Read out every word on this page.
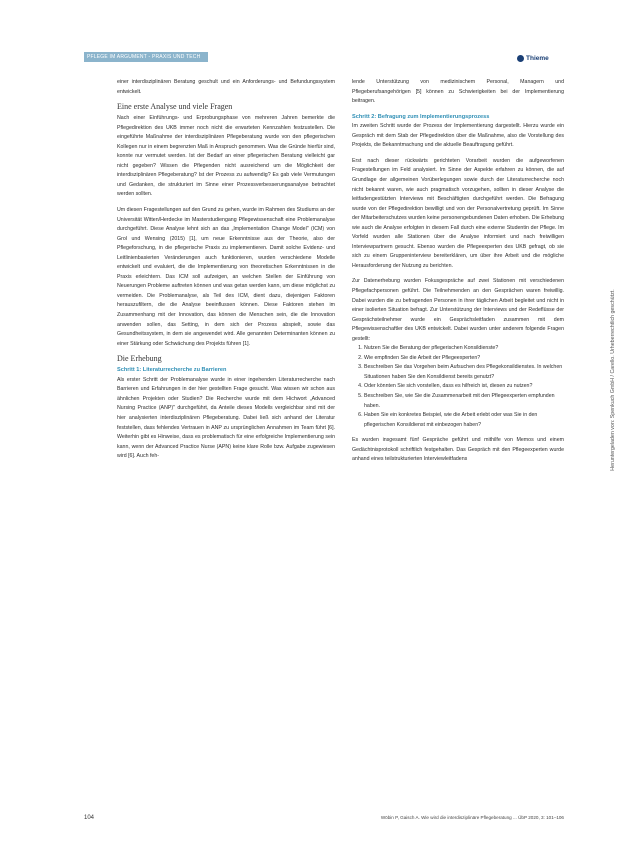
PFLEGE IM ARGUMENT - PRAXIS UND TECH	Thieme

einer interdisziplinären Beratung geschult und ein Anforderungs- und Befundungssystem entwickelt.

Eine erste Analyse und viele Fragen

Nach einer Einführungs- und Erprobungsphase von mehreren Jahren bemerkte die Pflegedirektion des UKB immer noch nicht die erwarteten Kennzahlen festzustellen. Die eingeführte Maßnahme der interdisziplinären Pflegeberatung wurde von den pflegerischen Kollegen nur in einem begrenzten Maß in Anspruch genommen. Was die Gründe hierfür sind, konnte nur vermutet werden. Ist der Bedarf an einer pflegerischen Beratung vielleicht gar nicht gegeben? Wissen die Pflegenden nicht ausreichend um die Möglichkeit der interdisziplinären Pflegeberatung? Ist der Prozess zu aufwendig? Es gab viele Vermutungen und Gedanken, die strukturiert im Sinne einer Prozessverbesserungsanalyse betrachtet werden sollten.

Um diesen Fragestellungen auf den Grund zu gehen, wurde im Rahmen des Studiums an der Universität Witten/Herdecke im Masterstudiengang Pflegewissenschaft eine Problemanalyse durchgeführt. Diese Analyse lehnt sich an das „Implementation Change Model" (ICM) von Grol und Wensing (2015) [1], um neue Erkenntnisse aus der Theorie, also der Pflegeforschung, in die pflegerische Praxis zu implementieren. Damit solche Evidenz- und Leitlinienbasierten Veränderungen auch funktionieren, wurden verschiedene Modelle entwickelt und evaluiert, die die Implementierung von theoretischen Erkenntnissen in die Praxis erleichtern. Das ICM soll aufzeigen, an welchen Stellen der Einführung von Neuerungen Probleme auftreten können und was getan werden kann, um diese möglichst zu vermeiden. Die Problemanalyse, als Teil des ICM, dient dazu, diejenigen Faktoren herauszufiltern, die die Analyse beeinflussen können. Diese Faktoren stehen im Zusammenhang mit der Innovation, das können die Menschen sein, die die Innovation anwenden sollen, das Setting, in dem sich der Prozess abspielt, sowie das Gesundheitssystem, in dem sie angewendet wird. Alle genannten Determinanten können zu einer Stärkung oder Schwächung des Projekts führen [1].

Die Erhebung

Schritt 1: Literaturrecherche zu Barrieren

Als erster Schritt der Problemanalyse wurde in einer ingehenden Literaturrecherche nach Barrieren und Erfahrungen in der hier gestellten Frage gesucht. Was wissen wir schon aus ähnlichen Projekten oder Studien? Die Recherche wurde mit dem Hichwort „Advanced Nursing Practice (ANP)" durchgeführt, da Anteile dieses Modells vergleichbar sind mit der hier analysierten interdisziplinären Pflegeberatung. Dabei ließ sich anhand der Literatur feststellen, dass fehlendes Vertrauen in ANP zu ursprünglichen Annahmen im Team führt [6]. Weiterhin gibt es Hinweise, dass es problematisch für eine erfolgreiche Implementierung sein kann, wenn der Advanced Practice Nurse (APN) keine klare Rolle bzw. Aufgabe zugewiesen wird [6]. Auch feh-

lende Unterstützung von medizinischem Personal, Managern und Pflegeberufsangehörigen [5] können zu Schwierigkeiten bei der Implementierung beitragen.

Schritt 2: Befragung zum Implementierungsprozess

Im zweiten Schritt wurde der Prozess der Implementierung dargestellt. Hierzu wurde ein Gespräch mit dem Stab der Pflegedirektion über die Maßnahme, also die Vorstellung des Projekts, die Bekanntmachung und die aktuelle Beauftragung geführt.

Erst nach dieser rückwärts gerichteten Vorarbeit wurden die aufgeworfenen Fragestellungen im Feld analysiert. Im Sinne der Aspekte erfahren zu können, die auf Grundlage der allgemeinen Vorüberlegungen sowie durch der Literaturrecherche noch nicht bekannt waren, wie auch pragmatisch vorzugehen, sollten in dieser Analyse die leitfadengestützten Interviews mit Beschäftigten durchgeführt werden. Die Befragung wurde von der Pflegedirektion bewilligt und von der Personalvertretung geprüft. Im Sinne der Mitarbeiterschutzes wurden keine personengebundenen Daten erhoben. Die Erhebung wie auch die Analyse erfolgten in diesem Fall durch eine externe Studentin der Pflege. Im Vorfeld wurden alle Stationen über die Analyse informiert und nach freiwilligen Interviewpartnern gesucht. Ebenso wurden die Pflegeexperten des UKB gefragt, ob sie sich zu einem Gruppeninterview bereiterklären, um über ihre Arbeit und die mögliche Herausforderung der Nutzung zu berichten.

Zur Datenerhebung wurden Fokusgespräche auf zwei Stationen mit verschiedenen Pflegefachpersonen geführt. Die Teilnehmenden an den Gesprächen waren freiwillig. Dabei wurden die zu befragenden Personen in ihrer täglichen Arbeit begleitet und nicht in einer isolierten Situation befragt. Zur Unterstützung der Interviews und der Redeflüsse der Gesprächsteilnehmer wurde ein Gesprächsleitfaden zusammen mit dem Pflegewissenschaftler des UKB entwickelt. Dabei wurden unter anderem folgende Fragen gestellt:

1. Nutzen Sie die Beratung der pflegerischen Konsildienste?
2. Wie empfinden Sie die Arbeit der Pflegeexperten?
3. Beschreiben Sie das Vorgehen beim Aufsuchen des Pflegekonsildienstes. In welchen Situationen haben Sie den Konsildienst bereits genutzt?
4. Oder könnten Sie sich vorstellen, dass es hilfreich ist, diesen zu nutzen?
5. Beschreiben Sie, wie Sie die Zusammenarbeit mit den Pflegeexperten empfunden haben.
6. Haben Sie ein konkretes Beispiel, wie die Arbeit erlebt oder was Sie in den pflegerischen Konsildienst mit einbezogen haben?

Es wurden insgesamt fünf Gespräche geführt und mithilfe von Memos und einem Gedächtnisprotokoll schriftlich festgehalten. Das Gespräch mit den Pflegeexperten wurde anhand eines teilstrukturierten Interviewleitfadens	Heruntergeladen von: Spenkuch GmbH / Carello. Urheberrechtlich geschützt.
104	Wöbin P, Gaisch A. Wie wird die interdisziplinäre Pflegeberatung ... ÜbP 2020, 3: 101–106
